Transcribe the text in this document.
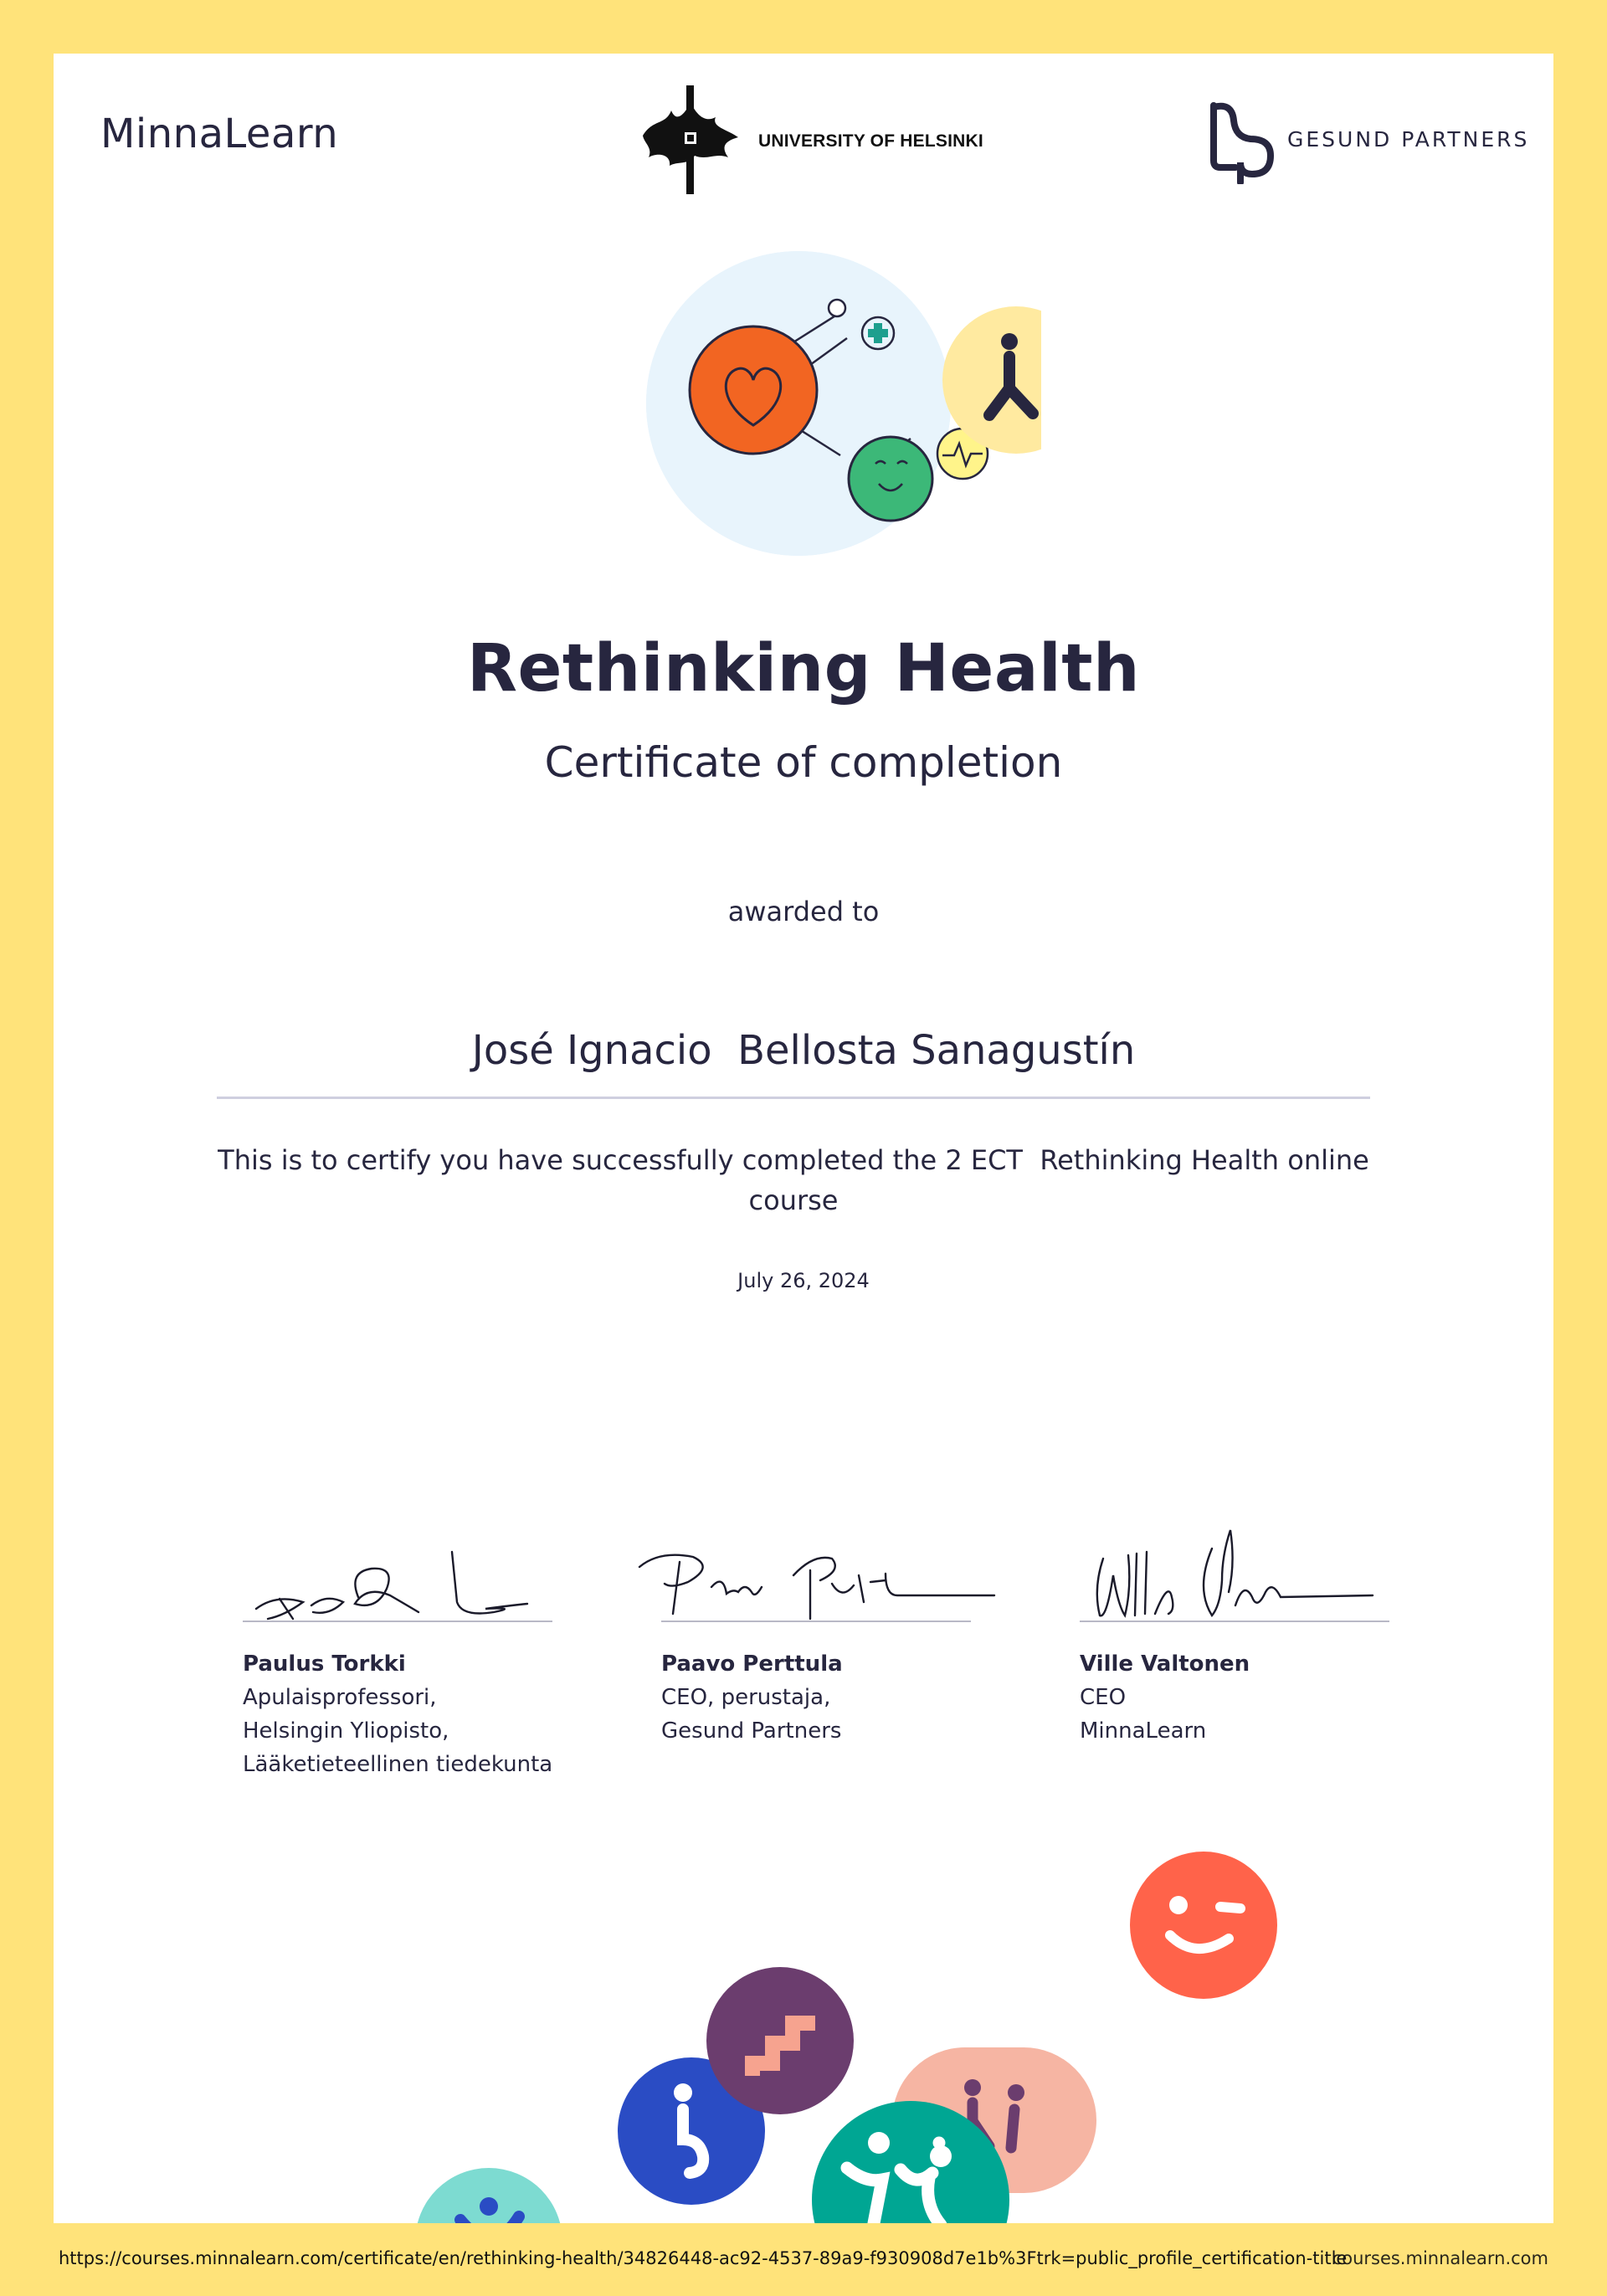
MinnaLearn	UNIVERSITY OF HELSINKI	GESUND PARTNERS
Rethinking Health
Certificate of completion
awarded to
José Ignacio  Bellosta Sanagustín
This is to certify you have successfully completed the 2 ECT  Rethinking Health online course
July 26, 2024
Paulus Torkki
Apulaisprofessori,
Helsingin Yliopisto,
Lääketieteellinen tiedekunta
Paavo Perttula
CEO, perustaja,
Gesund Partners
Ville Valtonen
CEO
MinnaLearn
https://courses.minnalearn.com/certificate/en/rethinking-health/34826448-ac92-4537-89a9-f930908d7e1b%3Ftrk=public_profile_certification-title
courses.minnalearn.com
